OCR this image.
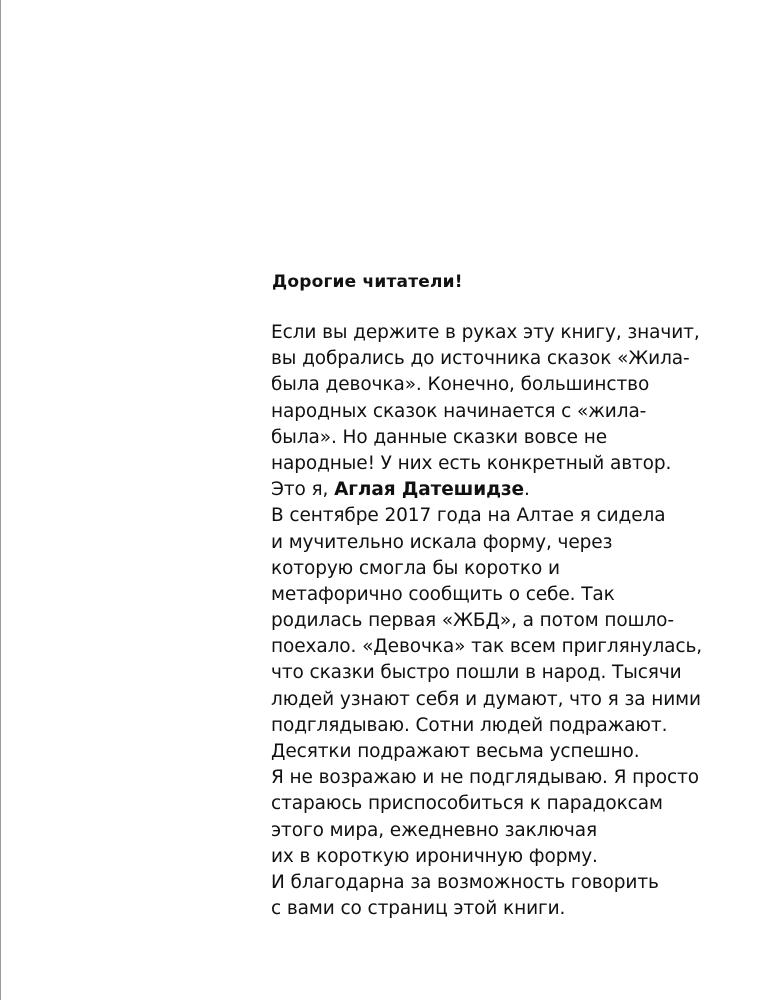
Дорогие читатели!
Если вы держите в руках эту книгу, значит,
вы добрались до источника сказок «Жила-
была девочка». Конечно, большинство
народных сказок начинается с «жила-
была». Но данные сказки вовсе не
народные! У них есть конкретный автор.
Это я, Аглая Датешидзе.
В сентябре 2017 года на Алтае я сидела
и мучительно искала форму, через
которую смогла бы коротко и
метафорично сообщить о себе. Так
родилась первая «ЖБД», а потом пошло-
поехало. «Девочка» так всем приглянулась,
что сказки быстро пошли в народ. Тысячи
людей узнают себя и думают, что я за ними
подглядываю. Сотни людей подражают.
Десятки подражают весьма успешно.
Я не возражаю и не подглядываю. Я просто
стараюсь приспособиться к парадоксам
этого мира, ежедневно заключая
их в короткую ироничную форму.
И благодарна за возможность говорить
с вами со страниц этой книги.
